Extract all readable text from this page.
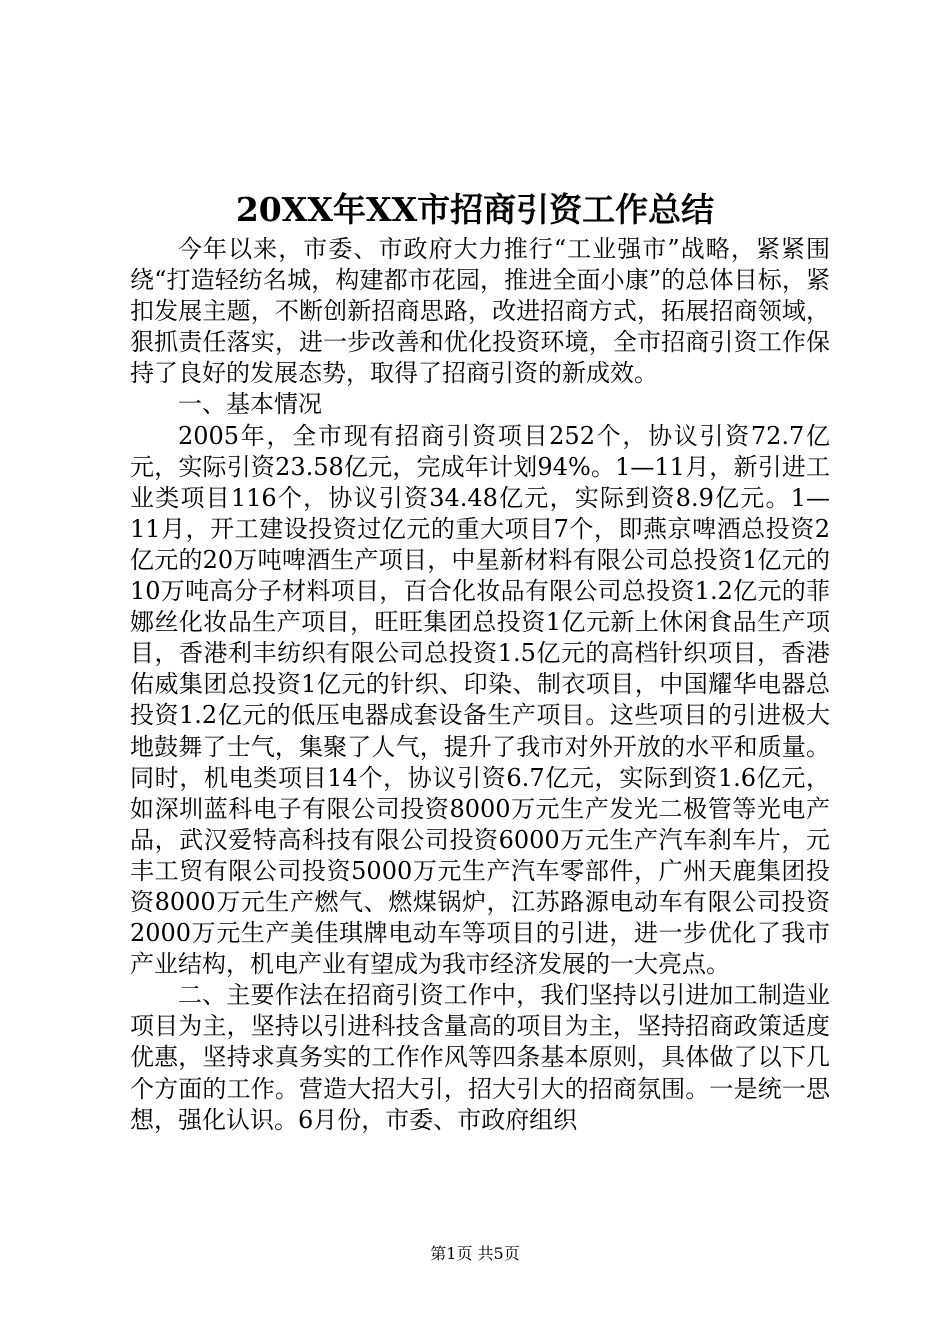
20XX年XX市招商引资工作总结

今年以来，市委、市政府大力推行“工业强市”战略，紧紧围绕“打造轻纺名城，构建都市花园，推进全面小康”的总体目标，紧扣发展主题，不断创新招商思路，改进招商方式，拓展招商领域，狠抓责任落实，进一步改善和优化投资环境，全市招商引资工作保持了良好的发展态势，取得了招商引资的新成效。

一、基本情况

2005年，全市现有招商引资项目252个，协议引资72.7亿元，实际引资23.58亿元，完成年计划94%。1—11月，新引进工业类项目116个，协议引资34.48亿元，实际到资8.9亿元。1—11月，开工建设投资过亿元的重大项目7个，即燕京啤酒总投资2亿元的20万吨啤酒生产项目，中星新材料有限公司总投资1亿元的10万吨高分子材料项目，百合化妆品有限公司总投资1.2亿元的菲娜丝化妆品生产项目，旺旺集团总投资1亿元新上休闲食品生产项目，香港利丰纺织有限公司总投资1.5亿元的高档针织项目，香港佑威集团总投资1亿元的针织、印染、制衣项目，中国耀华电器总投资1.2亿元的低压电器成套设备生产项目。这些项目的引进极大地鼓舞了士气，集聚了人气，提升了我市对外开放的水平和质量。同时，机电类项目14个，协议引资6.7亿元，实际到资1.6亿元，如深圳蓝科电子有限公司投资8000万元生产发光二极管等光电产品，武汉爱特高科技有限公司投资6000万元生产汽车刹车片，元丰工贸有限公司投资5000万元生产汽车零部件，广州天鹿集团投资8000万元生产燃气、燃煤锅炉，江苏路源电动车有限公司投资2000万元生产美佳琪牌电动车等项目的引进，进一步优化了我市产业结构，机电产业有望成为我市经济发展的一大亮点。

二、主要作法在招商引资工作中，我们坚持以引进加工制造业项目为主，坚持以引进科技含量高的项目为主，坚持招商政策适度优惠，坚持求真务实的工作作风等四条基本原则，具体做了以下几个方面的工作。营造大招大引，招大引大的招商氛围。一是统一思想，强化认识。6月份，市委、市政府组织

第1页 共5页
